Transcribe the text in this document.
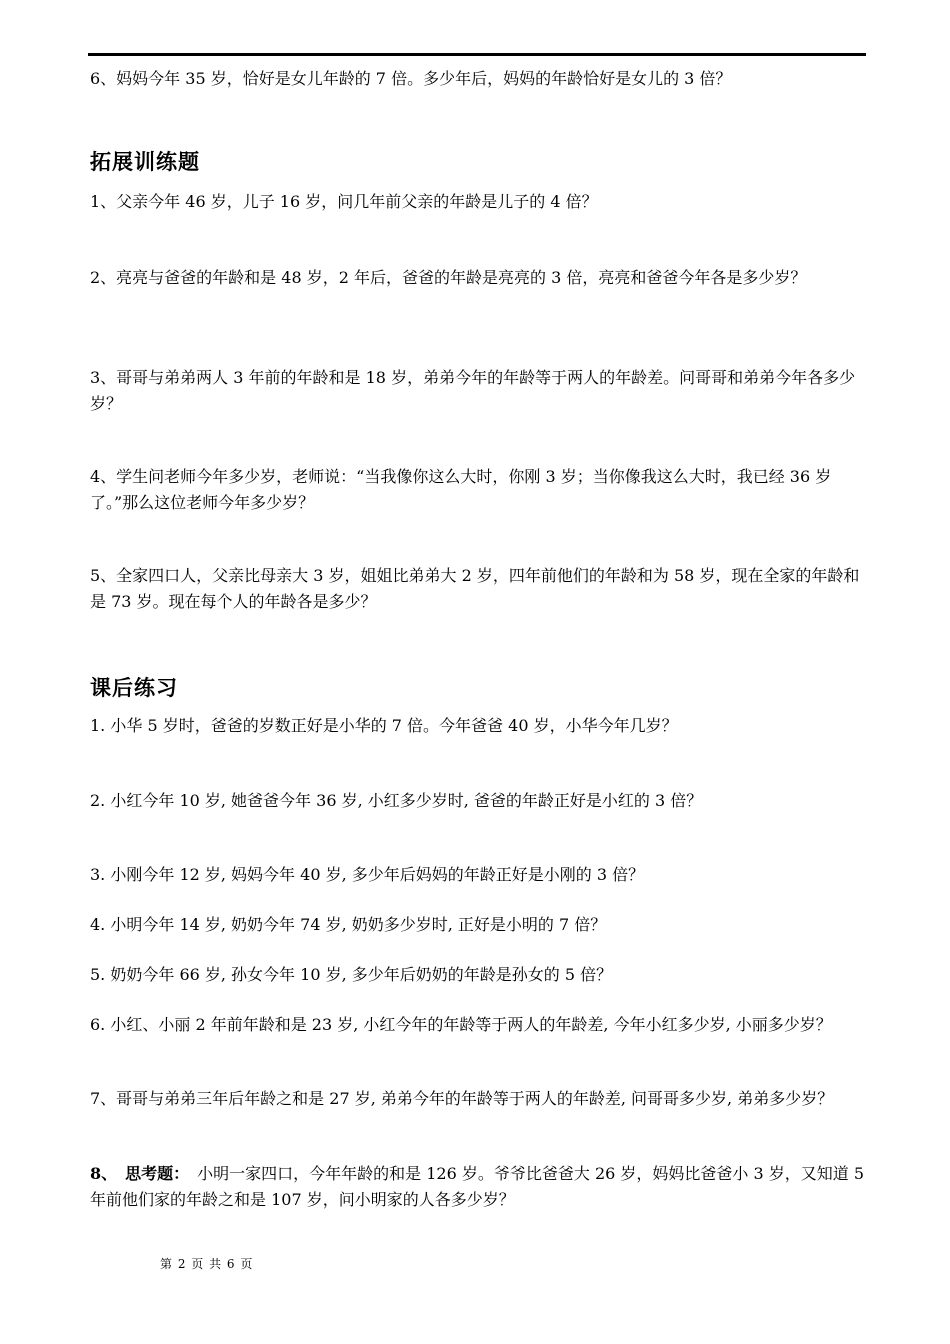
6、妈妈今年 35 岁，恰好是女儿年龄的 7 倍。多少年后，妈妈的年龄恰好是女儿的 3 倍？
拓展训练题
1、父亲今年 46 岁，儿子 16 岁，问几年前父亲的年龄是儿子的 4 倍？
2、亮亮与爸爸的年龄和是 48 岁，2 年后，爸爸的年龄是亮亮的 3 倍，亮亮和爸爸今年各是多少岁？
3、哥哥与弟弟两人 3 年前的年龄和是 18 岁，弟弟今年的年龄等于两人的年龄差。问哥哥和弟弟今年各多少岁？
4、学生问老师今年多少岁，老师说：“当我像你这么大时，你刚 3 岁；当你像我这么大时，我已经 36 岁了。”那么这位老师今年多少岁？
5、全家四口人，父亲比母亲大 3 岁，姐姐比弟弟大 2 岁，四年前他们的年龄和为 58 岁，现在全家的年龄和是 73 岁。现在每个人的年龄各是多少？
课后练习
1. 小华 5 岁时，爸爸的岁数正好是小华的 7 倍。今年爸爸 40 岁，小华今年几岁？
2. 小红今年 10 岁, 她爸爸今年 36 岁, 小红多少岁时, 爸爸的年龄正好是小红的 3 倍？
3. 小刚今年 12 岁, 妈妈今年 40 岁, 多少年后妈妈的年龄正好是小刚的 3 倍？
4. 小明今年 14 岁, 奶奶今年 74 岁, 奶奶多少岁时, 正好是小明的 7 倍？
5. 奶奶今年 66 岁, 孙女今年 10 岁, 多少年后奶奶的年龄是孙女的 5 倍？
6. 小红、小丽 2 年前年龄和是 23 岁, 小红今年的年龄等于两人的年龄差, 今年小红多少岁, 小丽多少岁？
7、哥哥与弟弟三年后年龄之和是 27 岁, 弟弟今年的年龄等于两人的年龄差, 问哥哥多少岁, 弟弟多少岁？
8、　思考题：　小明一家四口，今年年龄的和是 126 岁。爷爷比爸爸大 26 岁，妈妈比爸爸小 3 岁，又知道 5 年前他们家的年龄之和是 107 岁，问小明家的人各多少岁？
第 2 页 共 6 页
